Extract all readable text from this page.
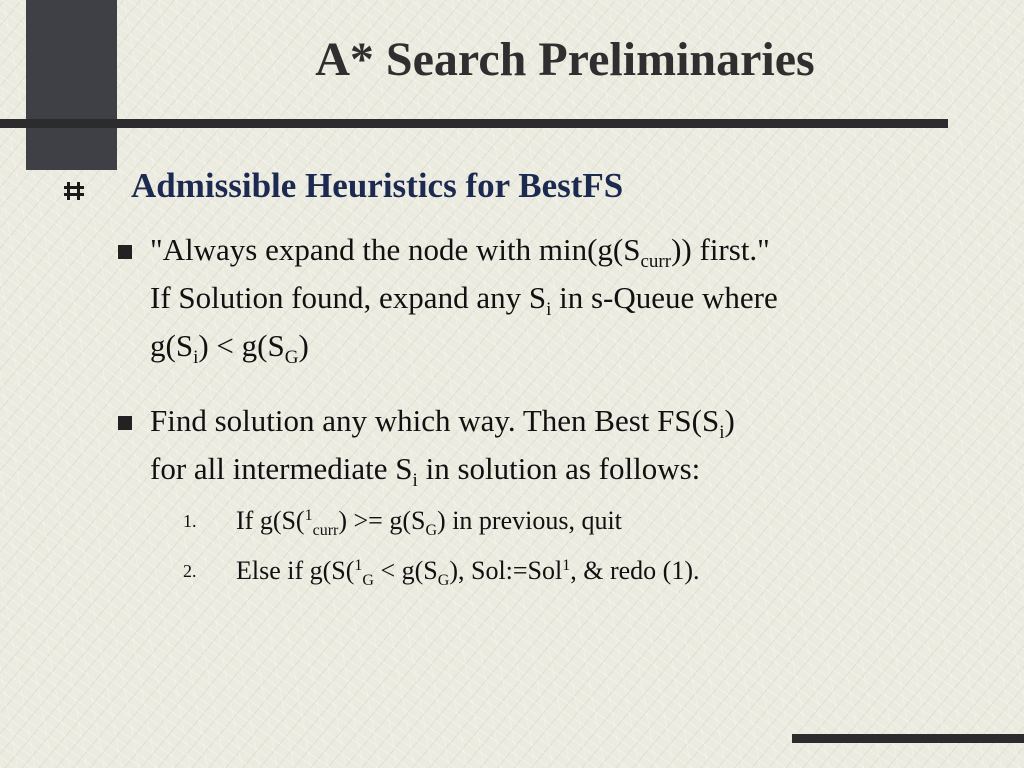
A* Search Preliminaries
Admissible Heuristics for BestFS
"Always expand the node with $\min(g(S_{curr}))$ first."
If Solution found, expand any $S_i$ in s-Queue where
$g(S_i) < g(S_G)$
Find solution any which way. Then Best $FS(S_i)$
for all intermediate $S_i$ in solution as follows:
1. If $g(S(^1_{curr}) >= g(S_G)$ in previous, quit
2. Else if $g(S(^1_G < g(S_G)$, Sol:=Sol$^1$, & redo (1).
